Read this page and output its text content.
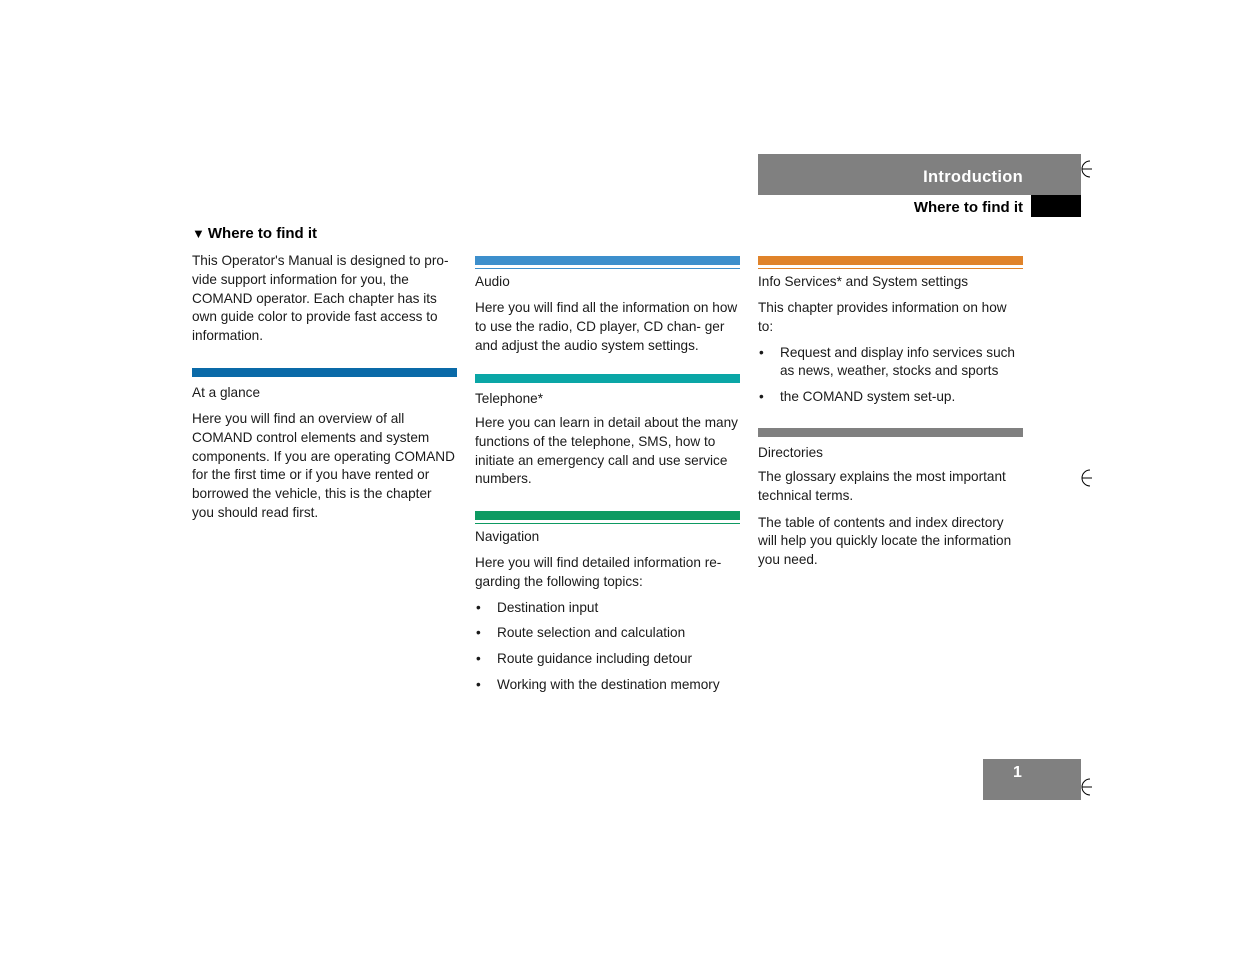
Introduction
Where to find it
▼ Where to find it

This Operator's Manual is designed to pro- vide support information for you, the COMAND operator. Each chapter has its own guide color to provide fast access to information.

At a glance

Here you will find an overview of all COMAND control elements and system components. If you are operating COMAND for the first time or if you have rented or borrowed the vehicle, this is the chapter you should read first.

Audio

Here you will find all the information on how to use the radio, CD player, CD chan- ger and adjust the audio system settings.

Telephone*

Here you can learn in detail about the many functions of the telephone, SMS, how to initiate an emergency call and use service numbers.

Navigation

Here you will find detailed information re- garding the following topics:

• Destination input
• Route selection and calculation
• Route guidance including detour
• Working with the destination memory
Info Services* and System settings

This chapter provides information on how to:

• Request and display info services such as news, weather, stocks and sports
• the COMAND system set-up.
Directories

The glossary explains the most important technical terms.

The table of contents and index directory will help you quickly locate the information you need.

1
